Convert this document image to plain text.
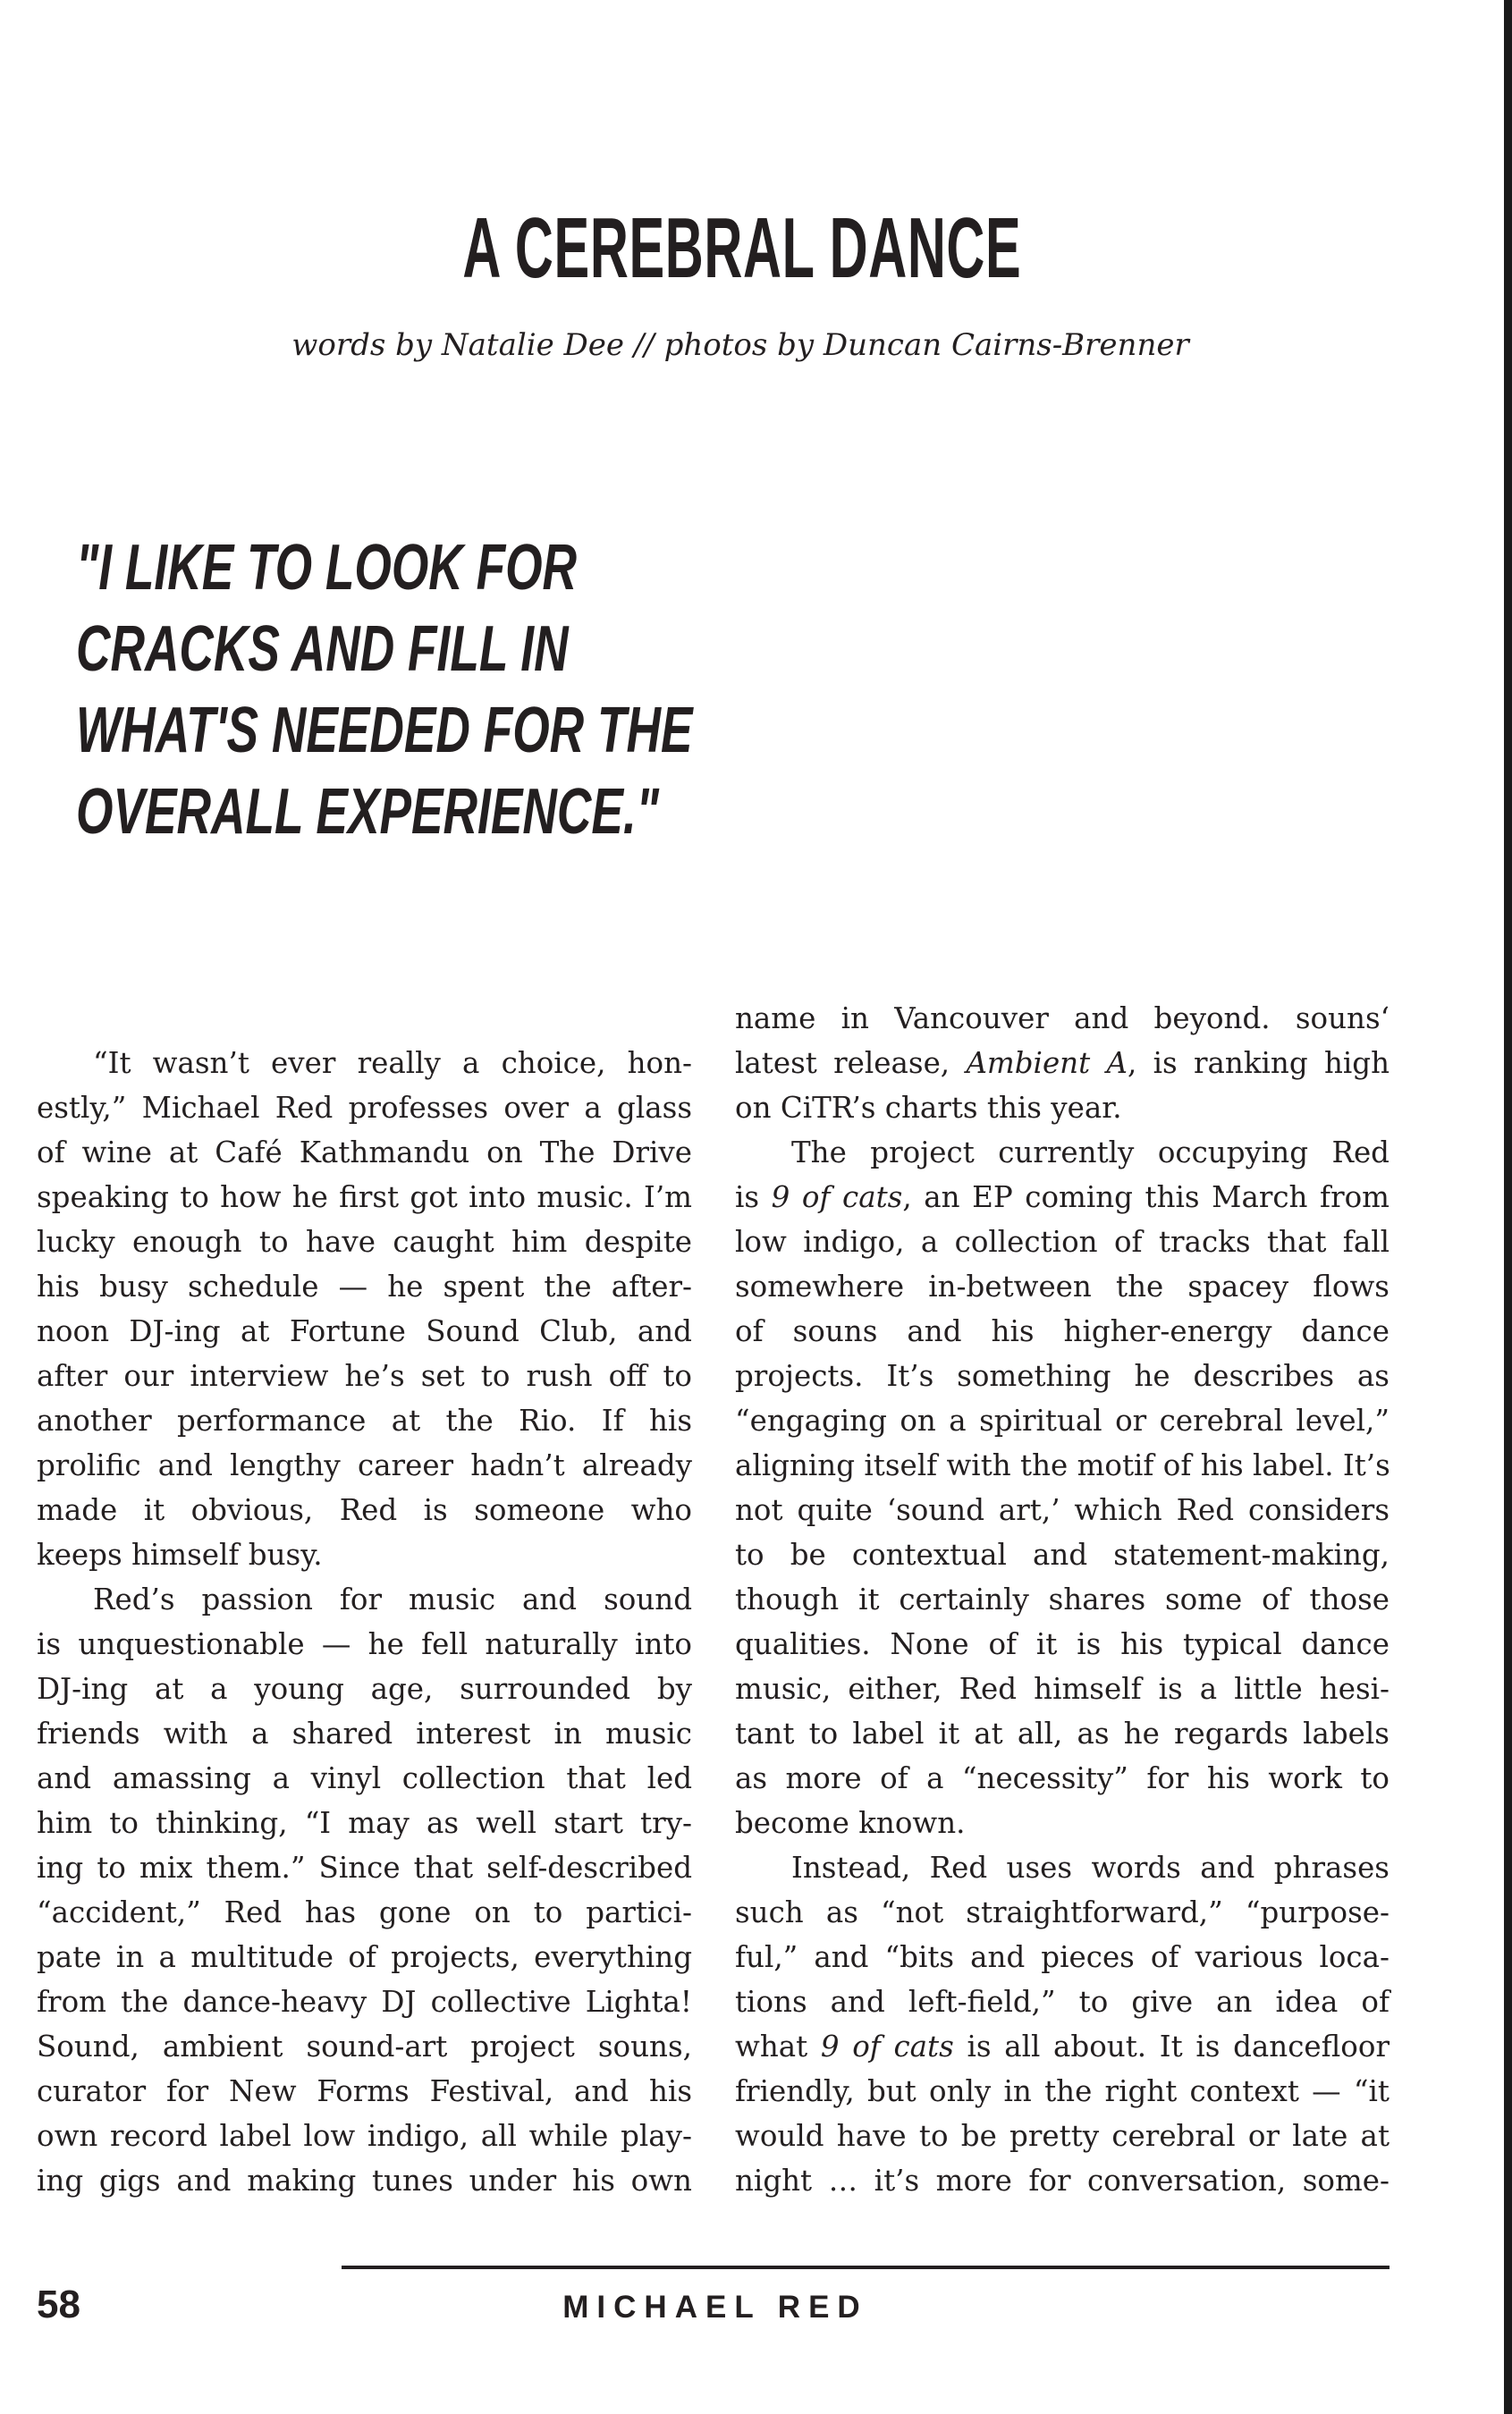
A CEREBRAL DANCE
words by Natalie Dee // photos by Duncan Cairns-Brenner
"I LIKE TO LOOK FOR
CRACKS AND FILL IN
WHAT'S NEEDED FOR THE
OVERALL EXPERIENCE."
“It wasn’t ever really a choice, hon-
estly,” Michael Red professes over a glass
of wine at Café Kathmandu on The Drive
speaking to how he first got into music. I’m
lucky enough to have caught him despite
his busy schedule — he spent the after-
noon DJ-ing at Fortune Sound Club, and
after our interview he’s set to rush off to
another performance at the Rio. If his
prolific and lengthy career hadn’t already
made it obvious, Red is someone who
keeps himself busy.
Red’s passion for music and sound
is unquestionable — he fell naturally into
DJ-ing at a young age, surrounded by
friends with a shared interest in music
and amassing a vinyl collection that led
him to thinking, “I may as well start try-
ing to mix them.” Since that self-described
“accident,” Red has gone on to partici-
pate in a multitude of projects, everything
from the dance-heavy DJ collective Lighta!
Sound, ambient sound-art project souns,
curator for New Forms Festival, and his
own record label low indigo, all while play-
ing gigs and making tunes under his own
name in Vancouver and beyond. souns‘
latest release, Ambient A, is ranking high
on CiTR’s charts this year.
The project currently occupying Red
is 9 of cats, an EP coming this March from
low indigo, a collection of tracks that fall
somewhere in-between the spacey flows
of souns and his higher-energy dance
projects. It’s something he describes as
“engaging on a spiritual or cerebral level,”
aligning itself with the motif of his label. It’s
not quite ‘sound art,’ which Red considers
to be contextual and statement-making,
though it certainly shares some of those
qualities. None of it is his typical dance
music, either, Red himself is a little hesi-
tant to label it at all, as he regards labels
as more of a “necessity” for his work to
become known.
Instead, Red uses words and phrases
such as “not straightforward,” “purpose-
ful,” and “bits and pieces of various loca-
tions and left-field,” to give an idea of
what 9 of cats is all about. It is dancefloor
friendly, but only in the right context — “it
would have to be pretty cerebral or late at
night … it’s more for conversation, some-
58	MICHAEL RED
